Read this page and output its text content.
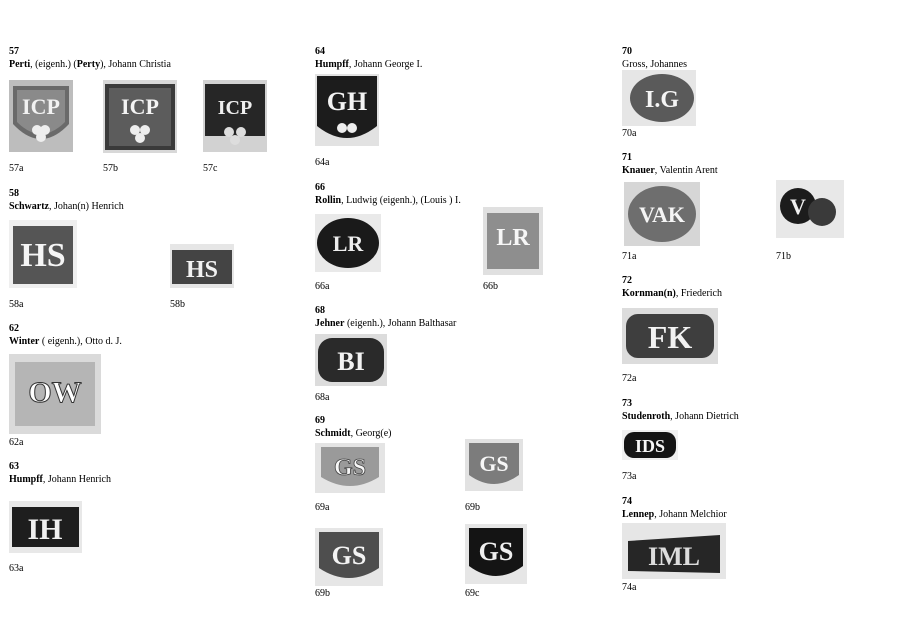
57
Perti, (eigenh.) (Perty), Johann Christia
ICP
57a
ICP
57b
ICP
57c
58
Schwartz, Johan(n) Henrich
HS
58a
HS
58b
62
Winter ( eigenh.), Otto d. J.
OW
62a
63
Humpff, Johann Henrich
IH
63a
64
Humpff, Johann George I.
GH
64a
66
Rollin, Ludwig (eigenh.), (Louis ) I.
LR
66a
LR
66b
68
Jehner (eigenh.), Johann Balthasar
BI
68a
69
Schmidt, Georg(e)
GS
69a
GS
69b
GS
69b
GS
69c
70
Gross, Johannes
I.G
70a
71
Knauer, Valentin Arent
VAK
71a
V
71b
72
Kornman(n), Friederich
FK
72a
73
Studenroth, Johann Dietrich
IDS
73a
74
Lennep, Johann Melchior
IML
74a
